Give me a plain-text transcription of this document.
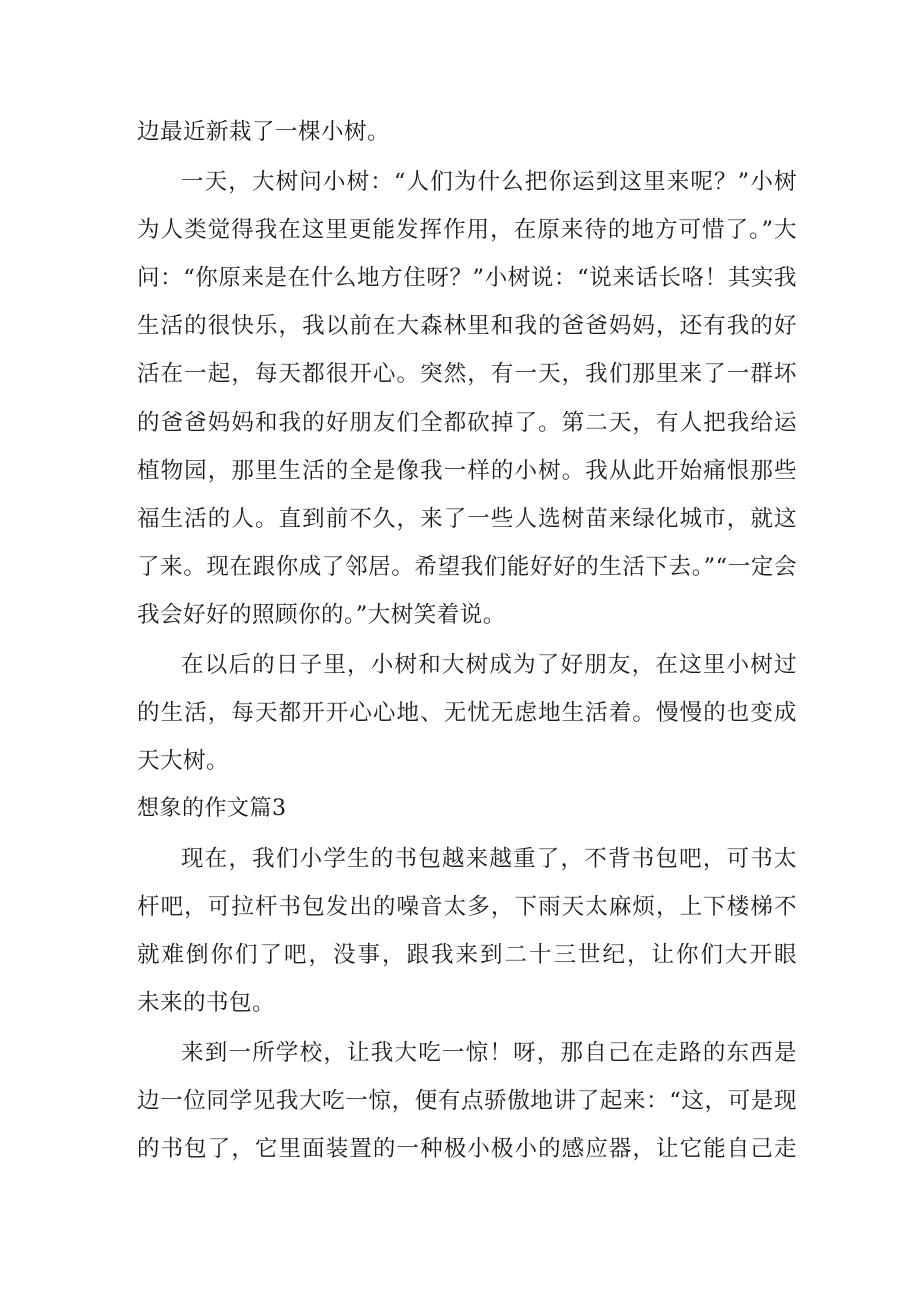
边最近新栽了一棵小树。
一天，大树问小树：“人们为什么把你运到这里来呢？”小树
为人类觉得我在这里更能发挥作用，在原来待的地方可惜了。”大
问：“你原来是在什么地方住呀？”小树说：“说来话长咯！其实我
生活的很快乐，我以前在大森林里和我的爸爸妈妈，还有我的好
活在一起，每天都很开心。突然，有一天，我们那里来了一群坏
的爸爸妈妈和我的好朋友们全都砍掉了。第二天，有人把我给运
植物园，那里生活的全是像我一样的小树。我从此开始痛恨那些
福生活的人。直到前不久，来了一些人选树苗来绿化城市，就这
了来。现在跟你成了邻居。希望我们能好好的生活下去。”“一定会
我会好好的照顾你的。”大树笑着说。
在以后的日子里，小树和大树成为了好朋友，在这里小树过
的生活，每天都开开心心地、无忧无虑地生活着。慢慢的也变成
天大树。
想象的作文篇3
现在，我们小学生的书包越来越重了，不背书包吧，可书太
杆吧，可拉杆书包发出的噪音太多，下雨天太麻烦，上下楼梯不
就难倒你们了吧，没事，跟我来到二十三世纪，让你们大开眼
未来的书包。
来到一所学校，让我大吃一惊！呀，那自己在走路的东西是
边一位同学见我大吃一惊，便有点骄傲地讲了起来：“这，可是现
的书包了，它里面装置的一种极小极小的感应器，让它能自己走
